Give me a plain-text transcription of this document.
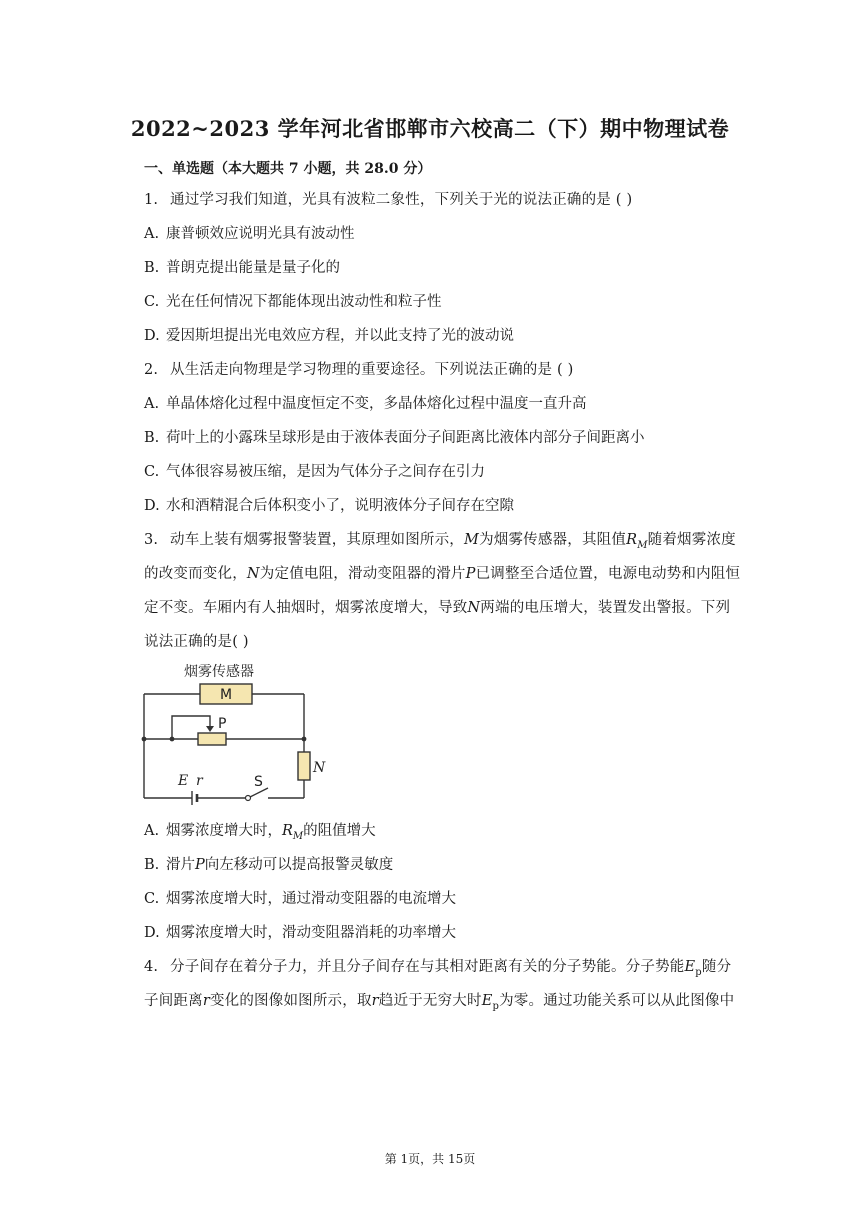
2022~2023 学年河北省邯郸市六校高二（下）期中物理试卷
一、单选题（本大题共 7 小题，共 28.0 分）
1. 通过学习我们知道，光具有波粒二象性，下列关于光的说法正确的是 ( )
A. 康普顿效应说明光具有波动性
B. 普朗克提出能量是量子化的
C. 光在任何情况下都能体现出波动性和粒子性
D. 爱因斯坦提出光电效应方程，并以此支持了光的波动说
2. 从生活走向物理是学习物理的重要途径。下列说法正确的是 ( )
A. 单晶体熔化过程中温度恒定不变，多晶体熔化过程中温度一直升高
B. 荷叶上的小露珠呈球形是由于液体表面分子间距离比液体内部分子间距离小
C. 气体很容易被压缩，是因为气体分子之间存在引力
D. 水和酒精混合后体积变小了，说明液体分子间存在空隙
3. 动车上装有烟雾报警装置，其原理如图所示，M为烟雾传感器，其阻值$R_M$随着烟雾浓度
的改变而变化，N为定值电阻，滑动变阻器的滑片P已调整至合适位置，电源电动势和内阻恒
定不变。车厢内有人抽烟时，烟雾浓度增大，导致N两端的电压增大，装置发出警报。下列
说法正确的是( )
烟雾传感器
M
P
N
E r	S
A. 烟雾浓度增大时，$R_M$的阻值增大
B. 滑片P向左移动可以提高报警灵敏度
C. 烟雾浓度增大时，通过滑动变阻器的电流增大
D. 烟雾浓度增大时，滑动变阻器消耗的功率增大
4. 分子间存在着分子力，并且分子间存在与其相对距离有关的分子势能。分子势能$E_p$随分
子间距离r变化的图像如图所示，取r趋近于无穷大时$E_p$为零。通过功能关系可以从此图像中
第 1页，共 15页
